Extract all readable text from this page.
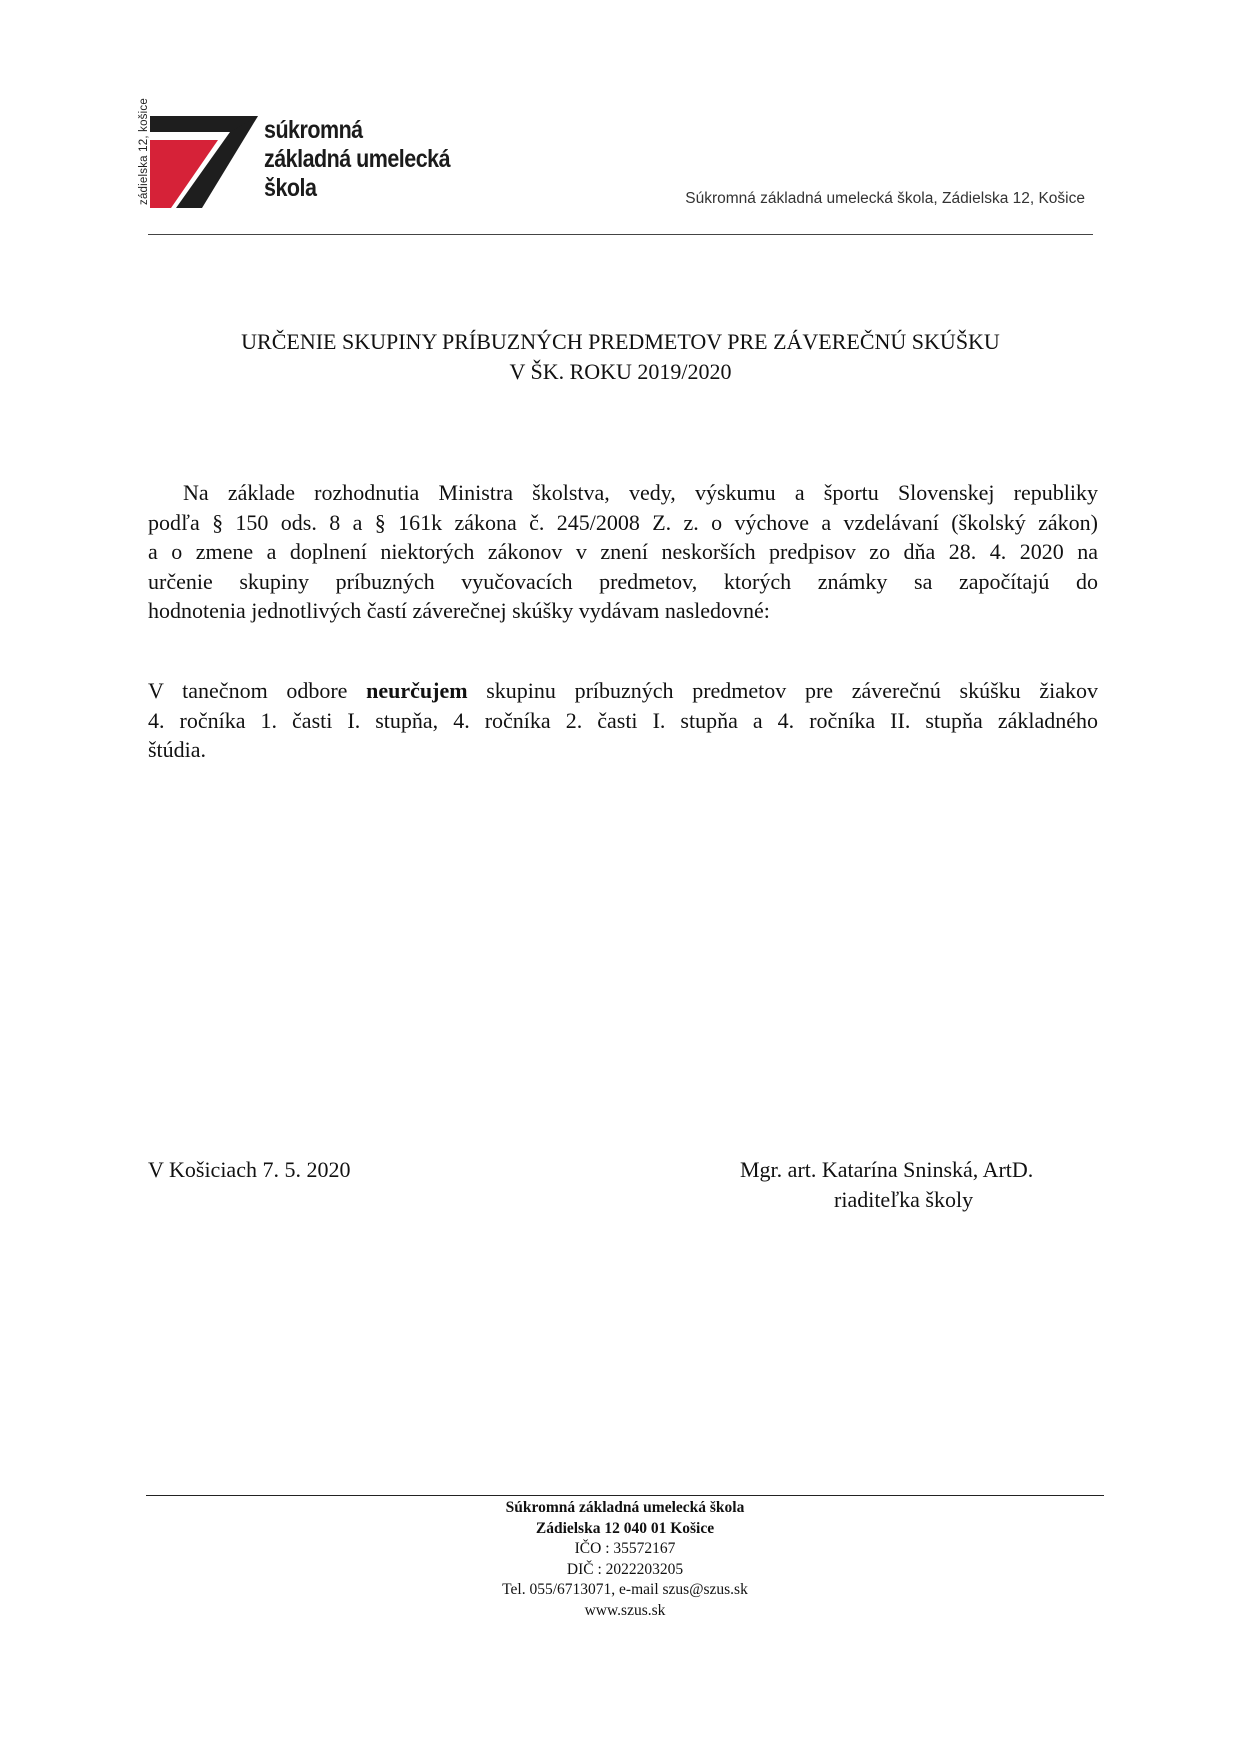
zádielska 12, košice	súkromná
základná umelecká
škola	Súkromná základná umelecká škola, Zádielska 12, Košice
URČENIE SKUPINY PRÍBUZNÝCH PREDMETOV PRE ZÁVEREČNÚ SKÚŠKU
V ŠK. ROKU 2019/2020
Na základe rozhodnutia Ministra školstva, vedy, výskumu a športu Slovenskej republiky
podľa § 150 ods. 8 a § 161k zákona č. 245/2008 Z. z. o výchove a vzdelávaní (školský zákon)
a o zmene a doplnení niektorých zákonov v znení neskorších predpisov zo dňa 28. 4. 2020 na
určenie skupiny príbuzných vyučovacích predmetov, ktorých známky sa započítajú do
hodnotenia jednotlivých častí záverečnej skúšky vydávam nasledovné:
V tanečnom odbore neurčujem skupinu príbuzných predmetov pre záverečnú skúšku žiakov
4. ročníka 1. časti I. stupňa, 4. ročníka 2. časti I. stupňa a 4. ročníka II. stupňa základného
štúdia.
V Košiciach 7. 5. 2020	Mgr. art. Katarína Sninská, ArtD.
riaditeľka školy
Súkromná základná umelecká škola
Zádielska 12 040 01 Košice
IČO : 35572167
DIČ : 2022203205
Tel. 055/6713071, e-mail szus@szus.sk
www.szus.sk
